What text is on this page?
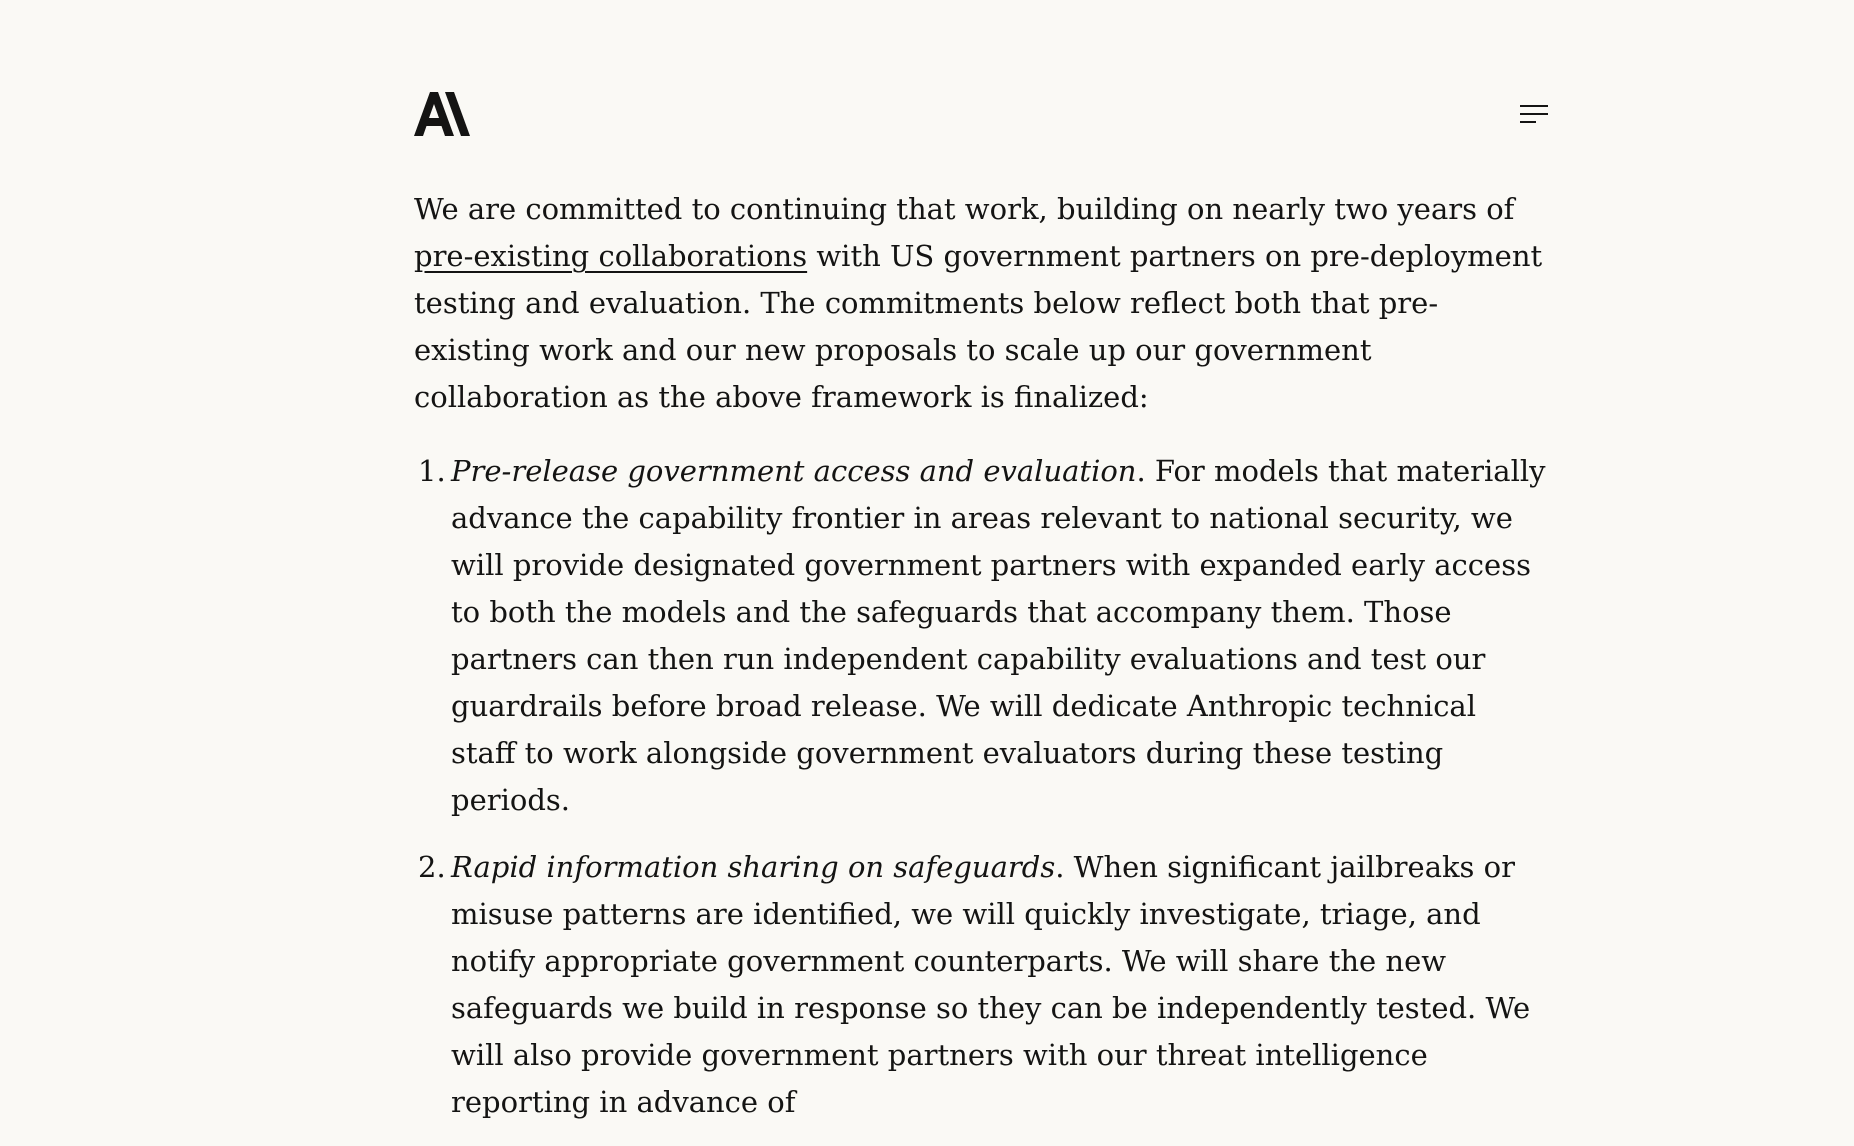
We are committed to continuing that work, building on nearly two years of pre-existing collaborations with US government partners on pre-deployment testing and evaluation. The commitments below reflect both that pre-existing work and our new proposals to scale up our government collaboration as the above framework is finalized:

1. Pre-release government access and evaluation. For models that materially advance the capability frontier in areas relevant to national security, we will provide designated government partners with expanded early access to both the models and the safeguards that accompany them. Those partners can then run independent capability evaluations and test our guardrails before broad release. We will dedicate Anthropic technical staff to work alongside government evaluators during these testing periods.
2. Rapid information sharing on safeguards. When significant jailbreaks or misuse patterns are identified, we will quickly investigate, triage, and notify appropriate government counterparts. We will share the new safeguards we build in response so they can be independently tested. We will also provide government partners with our threat intelligence reporting in advance of
